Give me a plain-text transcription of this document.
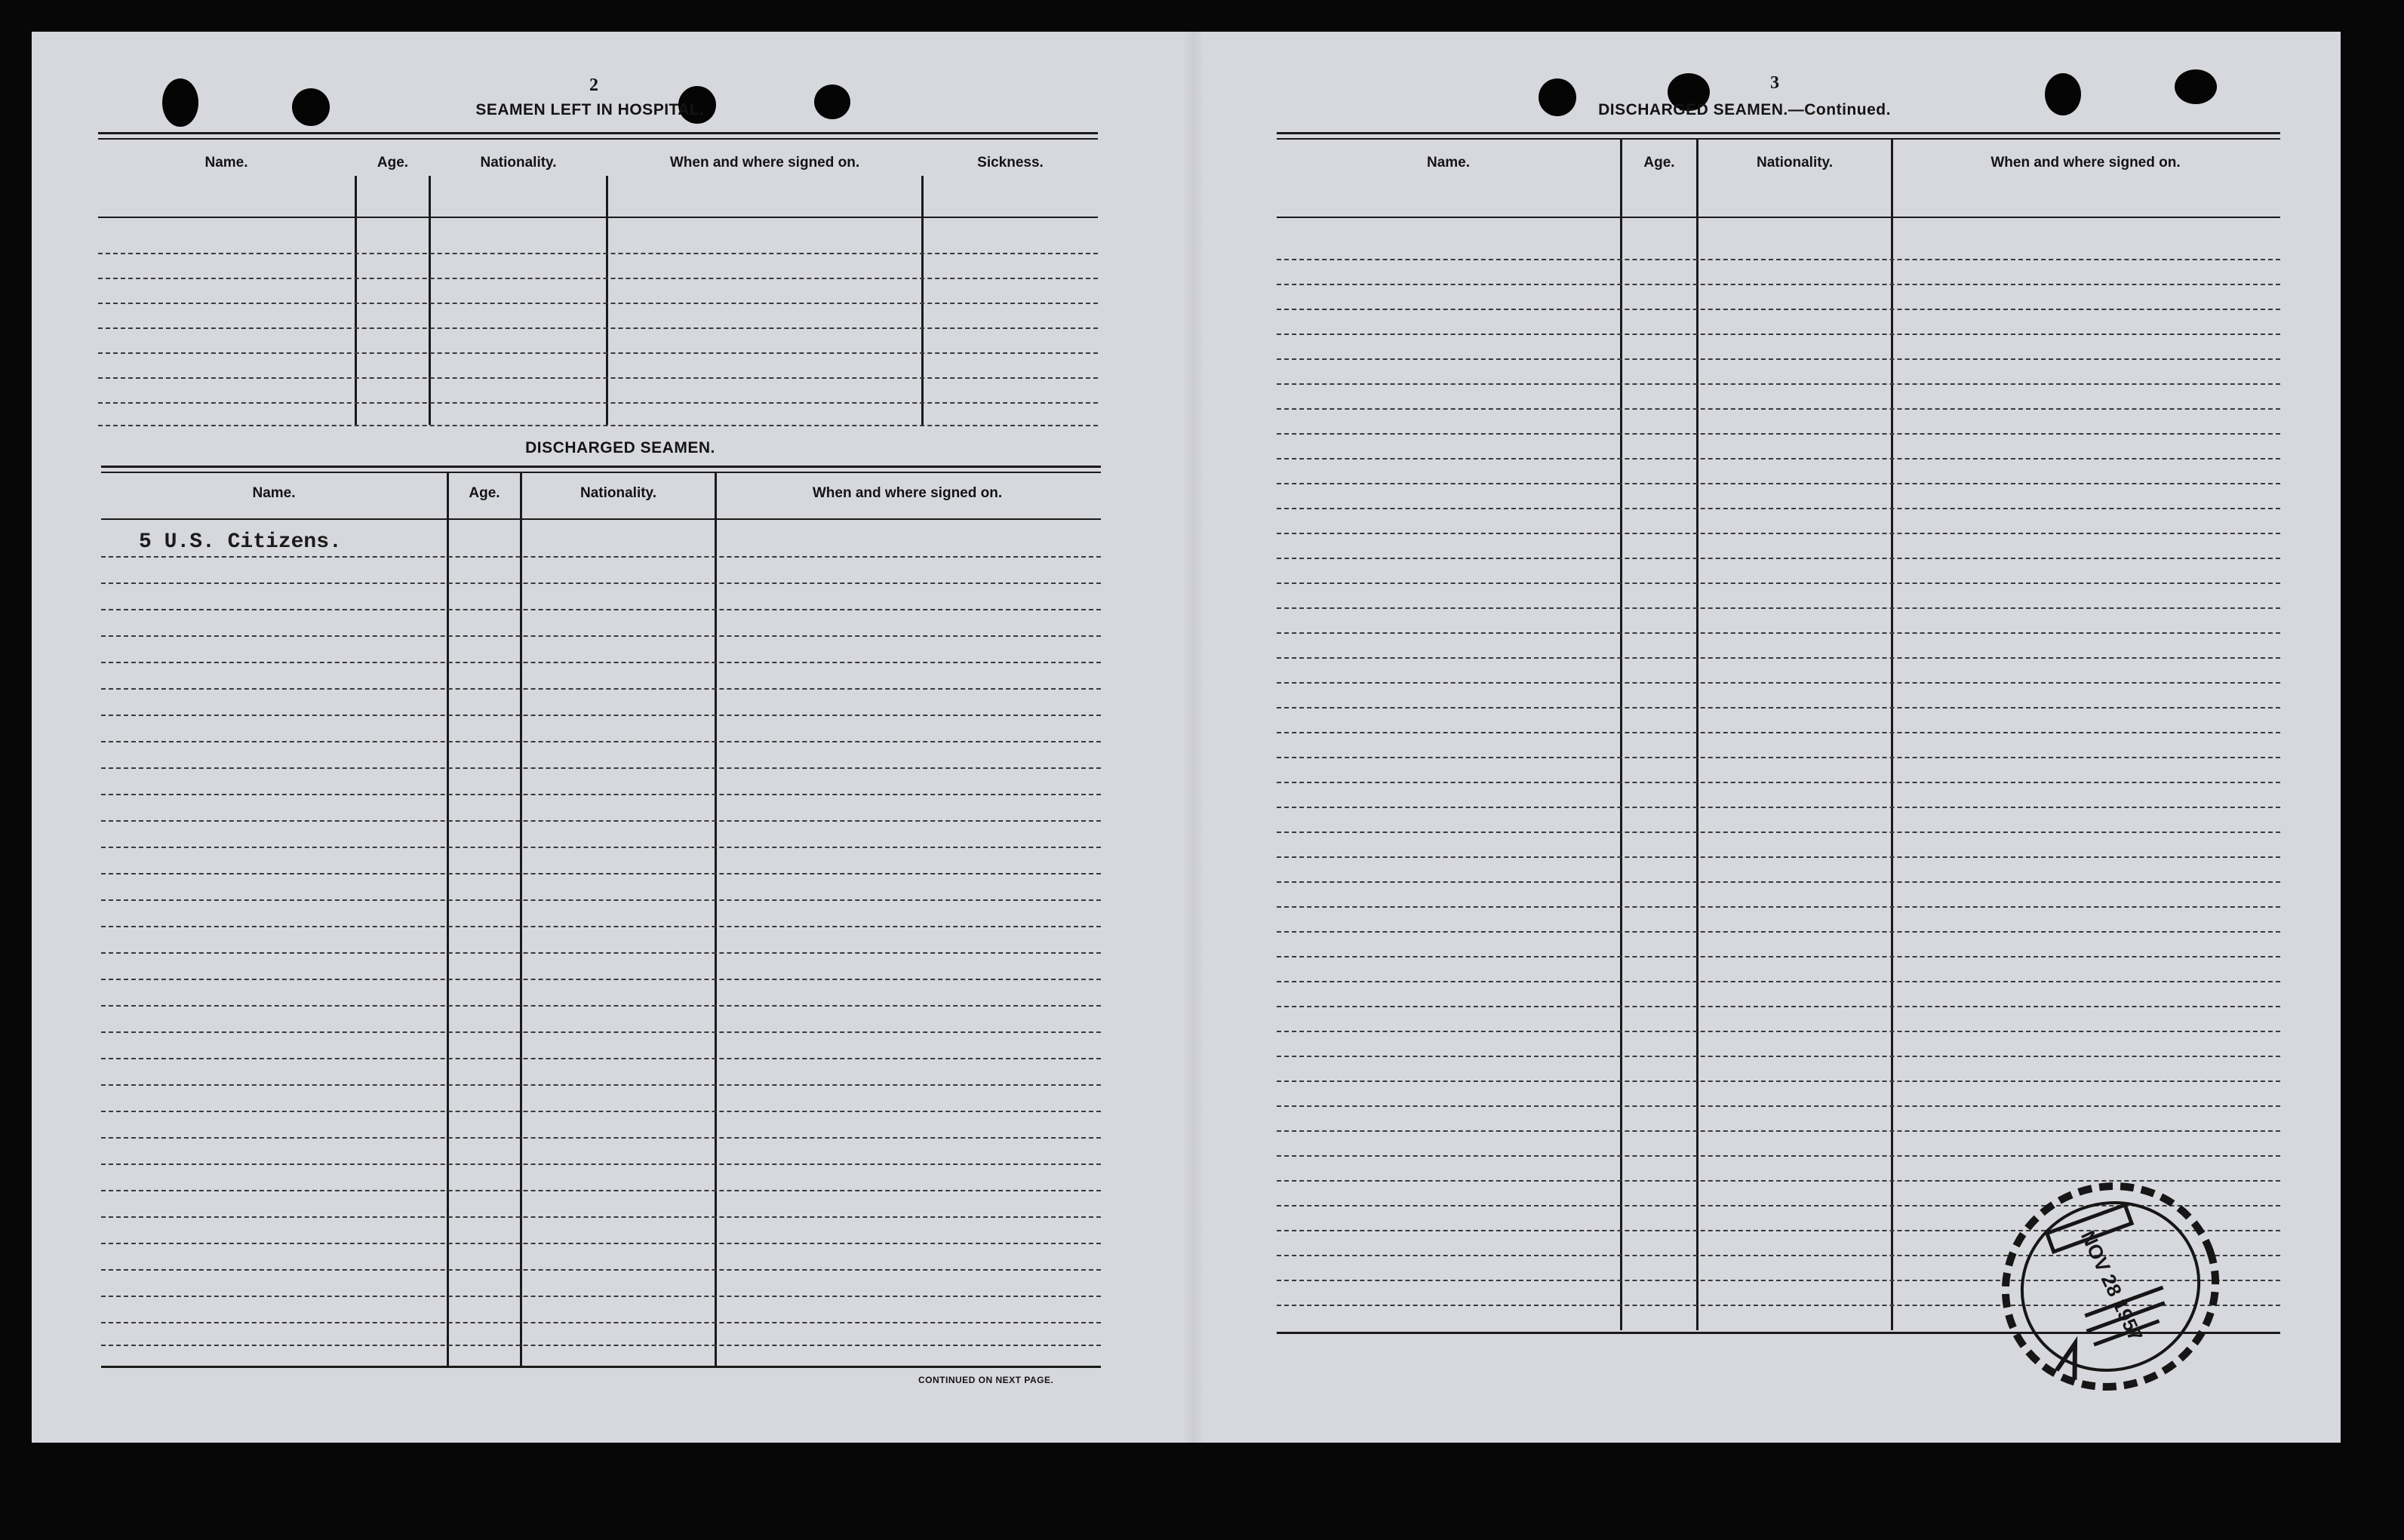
2
SEAMEN LEFT IN HOSPITAL.
Name.	Age.	Nationality.	When and where signed on.	Sickness.
DISCHARGED SEAMEN.
Name.	Age.	Nationality.	When and where signed on.
5 U.S. Citizens.
CONTINUED ON NEXT PAGE.
3
DISCHARGED SEAMEN.—Continued.
Name.	Age.	Nationality.	When and where signed on.
NOV 28 1957
